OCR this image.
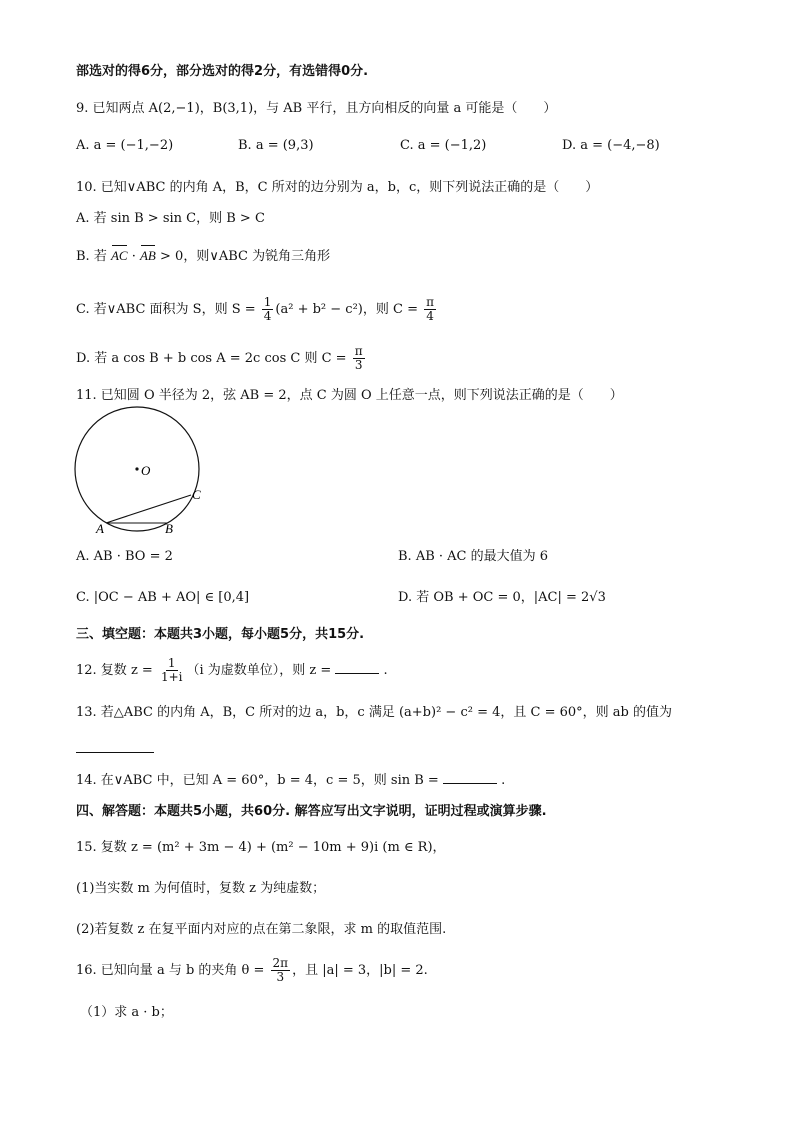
部选对的得6分，部分选对的得2分，有选错得0分.
9. 已知两点 A(2,−1)，B(3,1)，与 AB 平行，且方向相反的向量 a 可能是（　　）
A. a = (−1,−2)	B. a = (9,3)	C. a = (−1,2)	D. a = (−4,−8)
10. 已知∨ABC 的内角 A，B，C 所对的边分别为 a，b，c，则下列说法正确的是（　　）
A. 若 sin B > sin C，则 B > C
B. 若 AC · AB > 0，则∨ABC 为锐角三角形
C. 若∨ABC 面积为 S，则 $S = \frac{1}{4} (a^2 + b^2 - c^2)$，则 $C = \frac{\pi}{4}$
D. 若 a cos B + b cos A = 2c cos C 则 $C = \frac{\pi}{3}$
11. 已知圆 O 半径为 2，弦 AB = 2，点 C 为圆 O 上任意一点，则下列说法正确的是（　　）
O
A	B
C
A. AB · BO = 2	B. AB · AC 的最大值为 6
C. |OC − AB + AO| ∈ [0,4]	D. 若 OB + OC = 0，|AC| = 2√3
三、填空题：本题共3小题，每小题5分，共15分.
12. 复数 $z = \frac{1}{1+i} (i$ 为虚数单位），则 z =	.
13. 若△ABC 的内角 A，B，C 所对的边 a，b，c 满足 (a+b)² − c² = 4，且 C = 60°，则 ab 的值为
14. 在∨ABC 中，已知 A = 60°，b = 4，c = 5，则 sin B =	.
四、解答题：本题共5小题，共60分. 解答应写出文字说明，证明过程或演算步骤.
15. 复数 z = (m² + 3m − 4) + (m² − 10m + 9)i (m ∈ R)，
(1)当实数 m 为何值时，复数 z 为纯虚数；
(2)若复数 z 在复平面内对应的点在第二象限，求 m 的取值范围.
16. 已知向量 a 与 b 的夹角 $\theta = \frac{2\pi}{3}$ ，且 |a| = 3，|b| = 2.
（1）求 a · b；
